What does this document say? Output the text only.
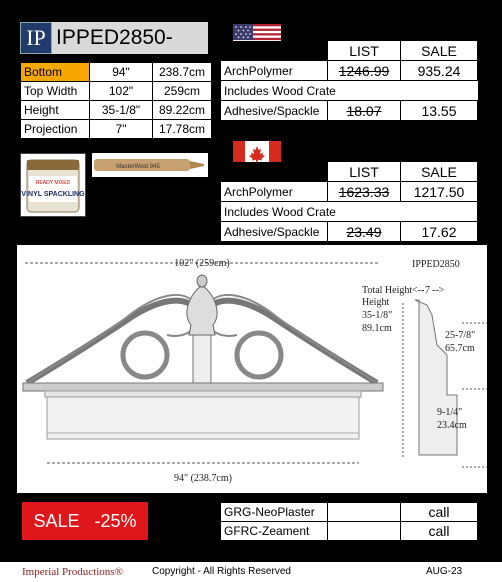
IP IPPED2850-
Bottom	94"	238.7cm
Top Width	102"	259cm
Height	35-1/8"	89.22cm
Projection	7"	17.78cm
	LIST	SALE
ArchPolymer	1246.99	935.24
Includes Wood Crate		
Adhesive/Spackle	18.07	13.55
	LIST	SALE
ArchPolymer	1623.33	1217.50
Includes Wood Crate		
Adhesive/Spackle	23.49	17.62
READY MIXED
VINYL SPACKLING
MasterWeld 945
102" (259cm)	IPPED2850
94" (238.7cm)
Total Height
Height
35-1/8"
89.1cm
<-- 7 -->
25-7/8"
65.7cm
9-1/4"
23.4cm
SALE   -25%	GRG-NeoPlaster		call
GFRC-Zeament		call
Imperial Productions®	Copyright - All Rights Reserved	AUG-23
